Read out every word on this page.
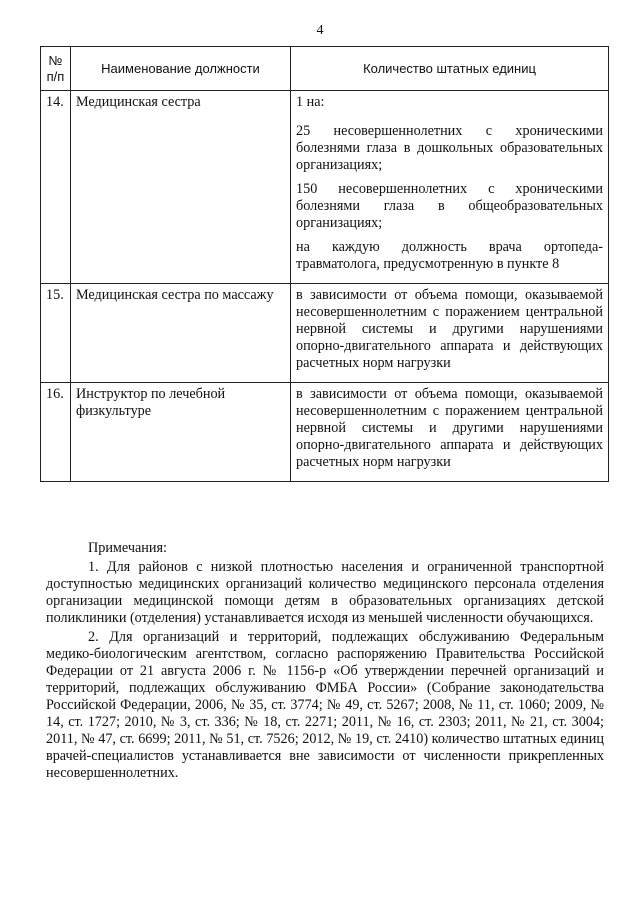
4
№
п/п	Наименование должности	Количество штатных единиц
14.	Медицинская сестра	1 на:

25 несовершеннолетних с хроническими болезнями глаза в дошкольных образовательных организациях;

150 несовершеннолетних с хроническими болезнями глаза в общеобразовательных организациях;

на каждую должность врача ортопеда-травматолога, предусмотренную в пункте 8

15.	Медицинская сестра по массажу	в зависимости от объема помощи, оказываемой несовершеннолетним с поражением центральной нервной системы и другими нарушениями опорно-двигательного аппарата и действующих расчетных норм нагрузки

16.	Инструктор по лечебной физкультуре	в зависимости от объема помощи, оказываемой несовершеннолетним с поражением центральной нервной системы и другими нарушениями опорно-двигательного аппарата и действующих расчетных норм нагрузки

Примечания:

1. Для районов с низкой плотностью населения и ограниченной транспортной доступностью медицинских организаций количество медицинского персонала отделения организации медицинской помощи детям в образовательных организациях детской поликлиники (отделения) устанавливается исходя из меньшей численности обучающихся.

2. Для организаций и территорий, подлежащих обслуживанию Федеральным медико-биологическим агентством, согласно распоряжению Правительства Российской Федерации от 21 августа 2006 г. № 1156-р «Об утверждении перечней организаций и территорий, подлежащих обслуживанию ФМБА России» (Собрание законодательства Российской Федерации, 2006, № 35, ст. 3774; № 49, ст. 5267; 2008, № 11, ст. 1060; 2009, № 14, ст. 1727; 2010, № 3, ст. 336; № 18, ст. 2271; 2011, № 16, ст. 2303; 2011, № 21, ст. 3004; 2011, № 47, ст. 6699; 2011, № 51, ст. 7526; 2012, № 19, ст. 2410) количество штатных единиц врачей-специалистов устанавливается вне зависимости от численности прикрепленных несовершеннолетних.
